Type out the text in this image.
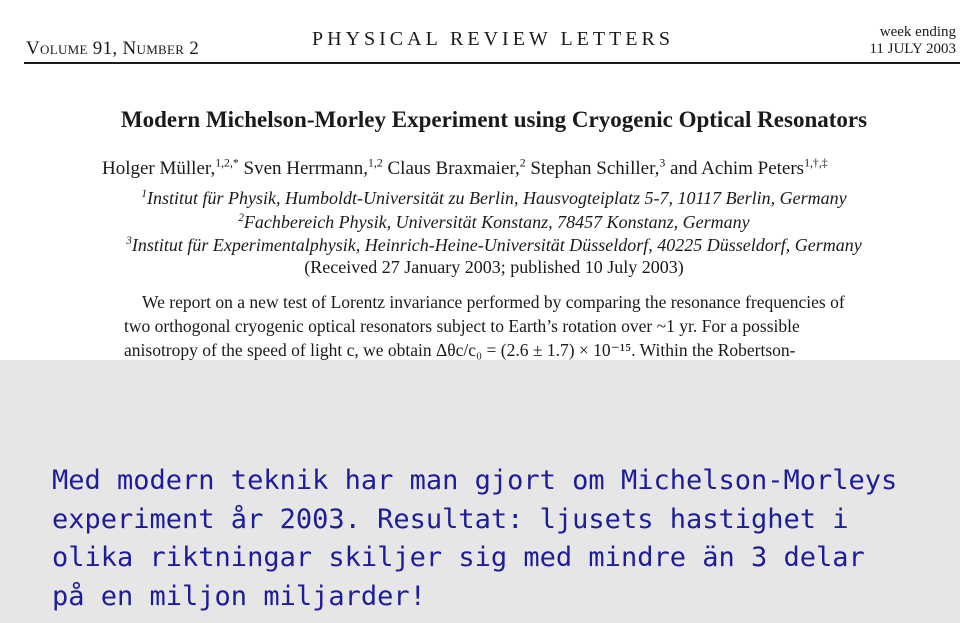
Volume 91, Number 2	PHYSICAL REVIEW LETTERS	week ending
11 JULY 2003
Modern Michelson-Morley Experiment using Cryogenic Optical Resonators
Holger Müller,$^{1,2,*}$ Sven Herrmann,$^{1,2}$ Claus Braxmaier,$^2$ Stephan Schiller,$^3$ and Achim Peters$^{1,\dagger,\ddagger}$
$^1$Institut für Physik, Humboldt-Universität zu Berlin, Hausvogteiplatz 5-7, 10117 Berlin, Germany
$^2$Fachbereich Physik, Universität Konstanz, 78457 Konstanz, Germany
$^3$Institut für Experimentalphysik, Heinrich-Heine-Universität Düsseldorf, 40225 Düsseldorf, Germany
(Received 27 January 2003; published 10 July 2003)
We report on a new test of Lorentz invariance performed by comparing the resonance frequencies of
two orthogonal cryogenic optical resonators subject to Earth’s rotation over ~1 yr. For a possible
anisotropy of the speed of light c, we obtain Δθc/c₀ = (2.6 ± 1.7) × 10⁻¹⁵. Within the Robertson-
Med modern teknik har man gjort om Michelson-Morleys experiment år 2003. Resultat: ljusets hastighet i olika riktningar skiljer sig med mindre än 3 delar på en miljon miljarder!
